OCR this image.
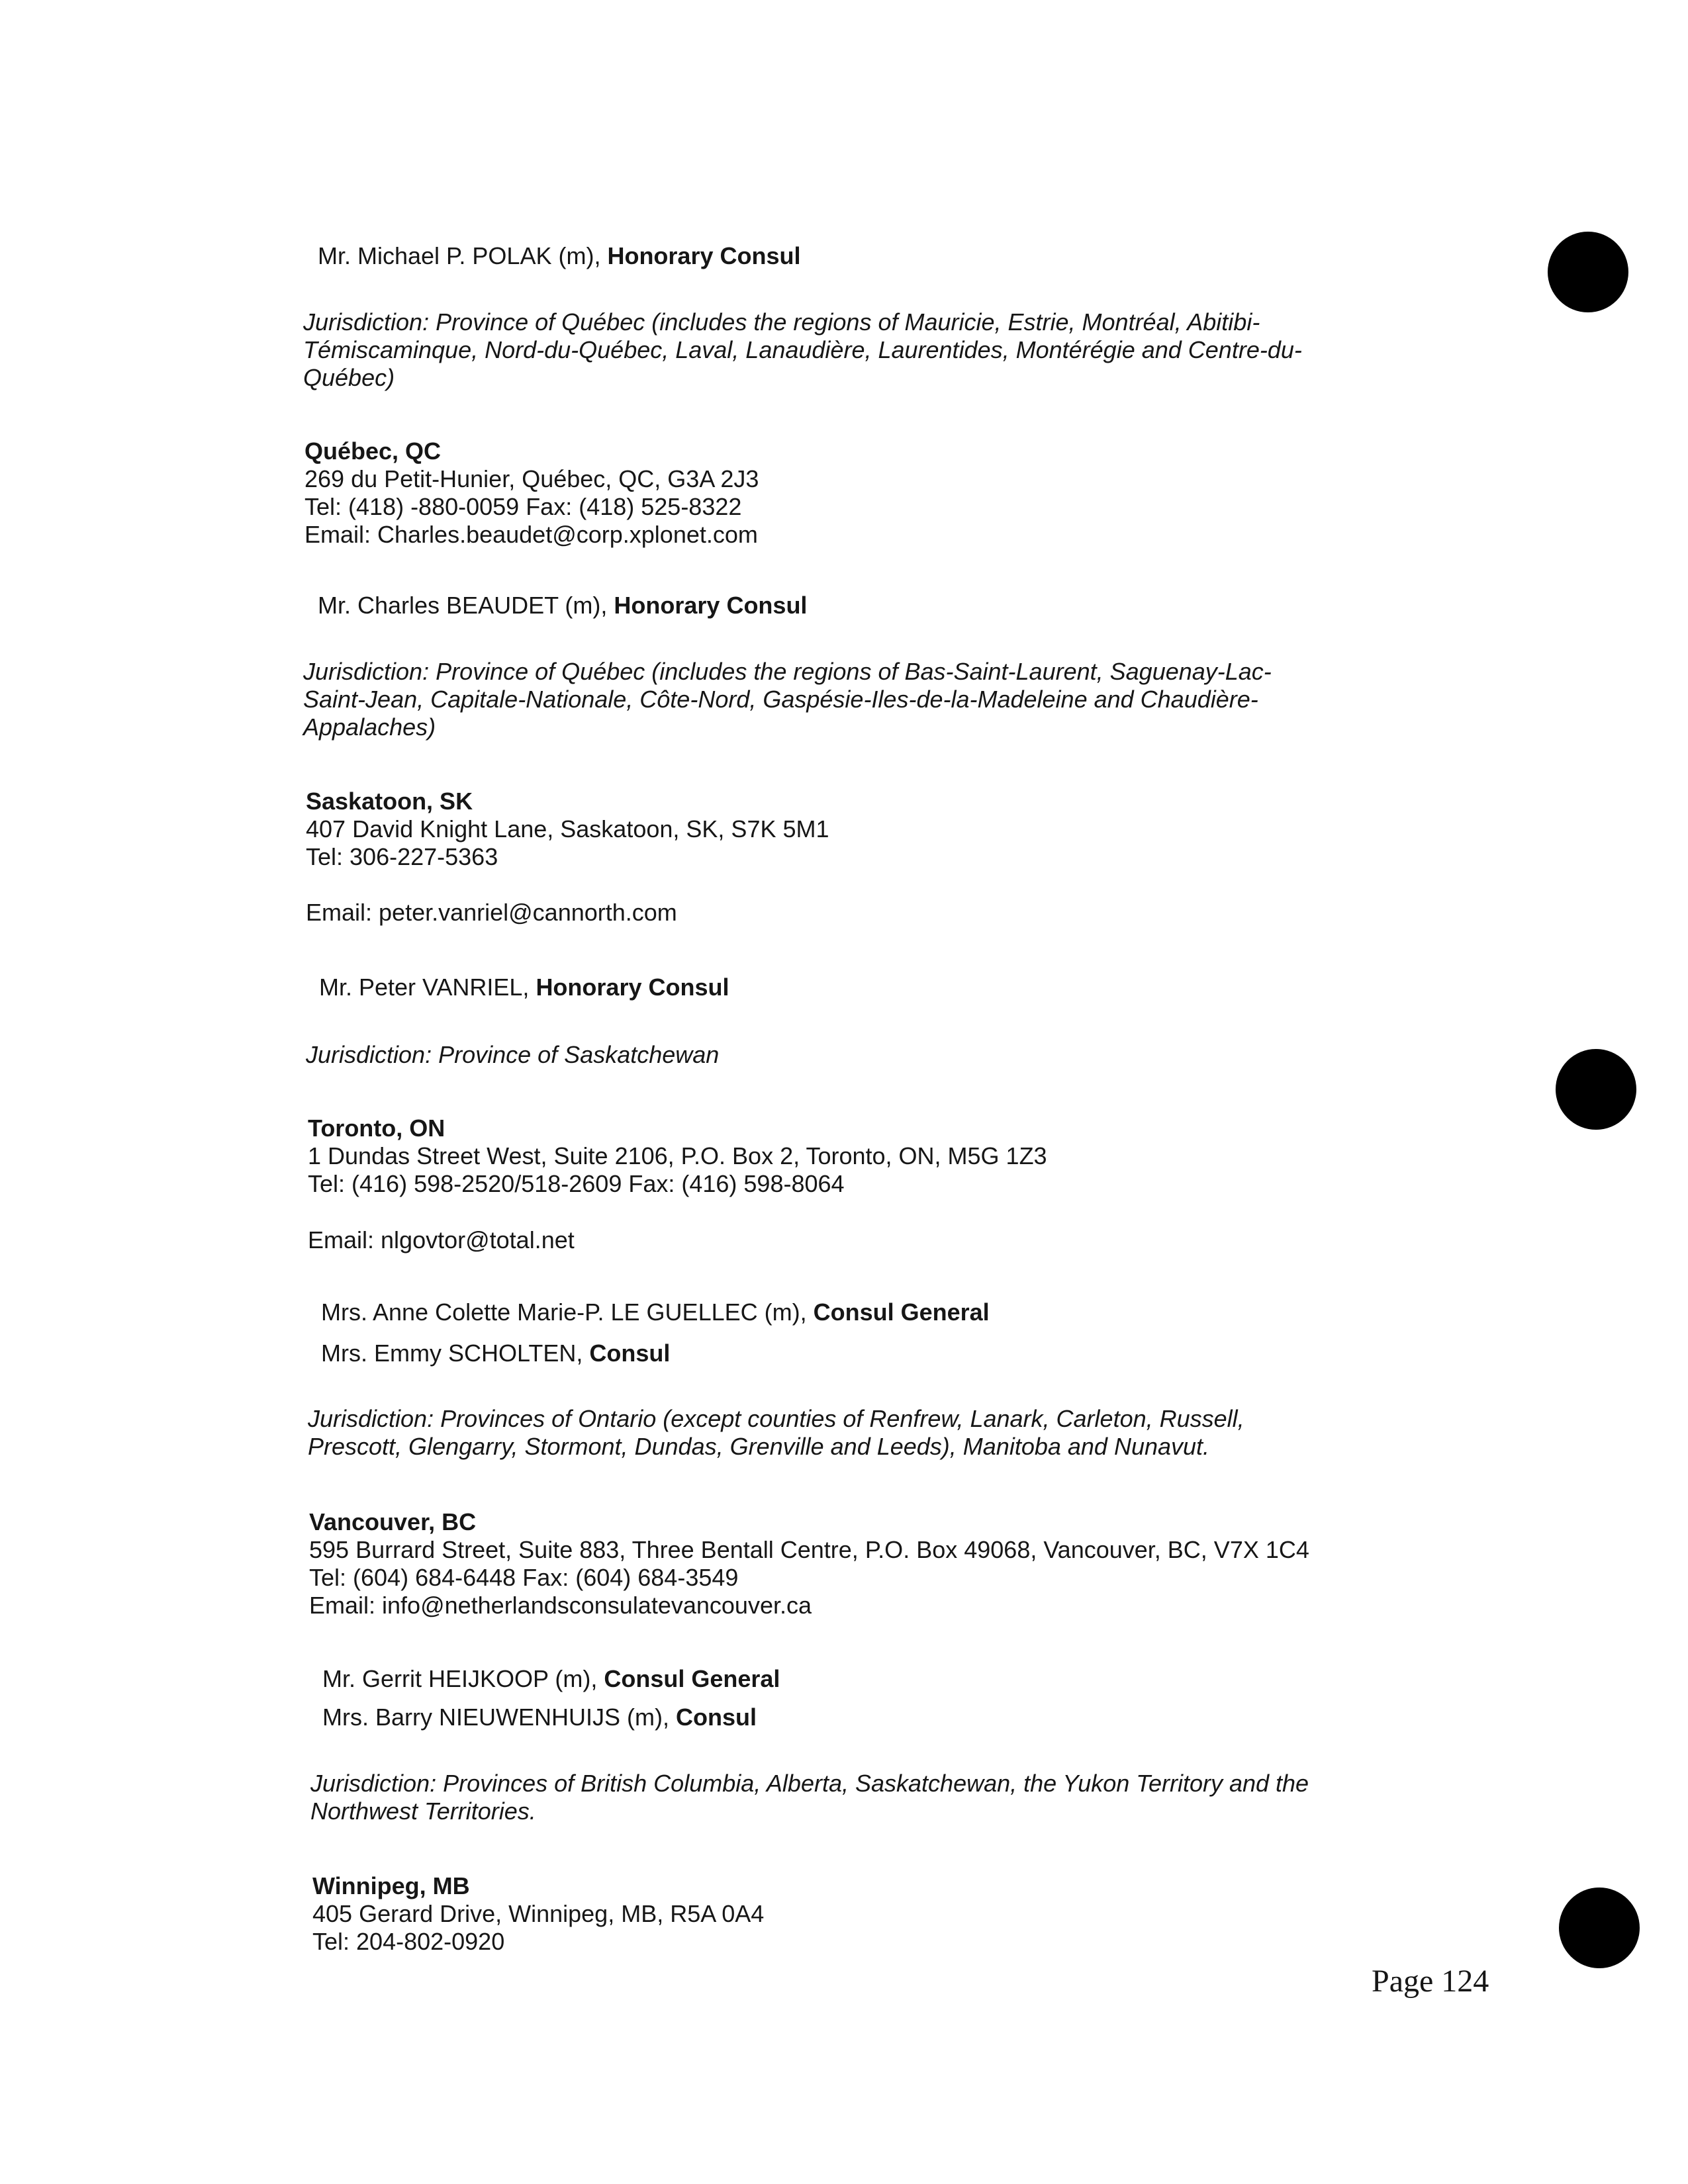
Mr. Michael P. POLAK (m), Honorary Consul
Jurisdiction: Province of Québec (includes the regions of Mauricie, Estrie, Montréal, Abitibi-
Témiscaminque, Nord-du-Québec, Laval, Lanaudière, Laurentides, Montérégie and Centre-du-
Québec)
Québec, QC
269 du Petit-Hunier, Québec, QC, G3A 2J3
Tel: (418) -880-0059 Fax: (418) 525-8322
Email: Charles.beaudet@corp.xplonet.com
Mr. Charles BEAUDET (m), Honorary Consul
Jurisdiction: Province of Québec (includes the regions of Bas-Saint-Laurent, Saguenay-Lac-
Saint-Jean, Capitale-Nationale, Côte-Nord, Gaspésie-Iles-de-la-Madeleine and Chaudière-
Appalaches)
Saskatoon, SK
407 David Knight Lane, Saskatoon, SK, S7K 5M1
Tel: 306-227-5363
Email: peter.vanriel@cannorth.com
Mr. Peter VANRIEL, Honorary Consul
Jurisdiction: Province of Saskatchewan
Toronto, ON
1 Dundas Street West, Suite 2106, P.O. Box 2, Toronto, ON, M5G 1Z3
Tel: (416) 598-2520/518-2609 Fax: (416) 598-8064
Email: nlgovtor@total.net
Mrs. Anne Colette Marie-P. LE GUELLEC (m), Consul General
Mrs. Emmy SCHOLTEN, Consul
Jurisdiction: Provinces of Ontario (except counties of Renfrew, Lanark, Carleton, Russell,
Prescott, Glengarry, Stormont, Dundas, Grenville and Leeds), Manitoba and Nunavut.
Vancouver, BC
595 Burrard Street, Suite 883, Three Bentall Centre, P.O. Box 49068, Vancouver, BC, V7X 1C4
Tel: (604) 684-6448 Fax: (604) 684-3549
Email: info@netherlandsconsulatevancouver.ca
Mr. Gerrit HEIJKOOP (m), Consul General
Mrs. Barry NIEUWENHUIJS (m), Consul
Jurisdiction: Provinces of British Columbia, Alberta, Saskatchewan, the Yukon Territory and the
Northwest Territories.
Winnipeg, MB
405 Gerard Drive, Winnipeg, MB, R5A 0A4
Tel: 204-802-0920
Page 124
